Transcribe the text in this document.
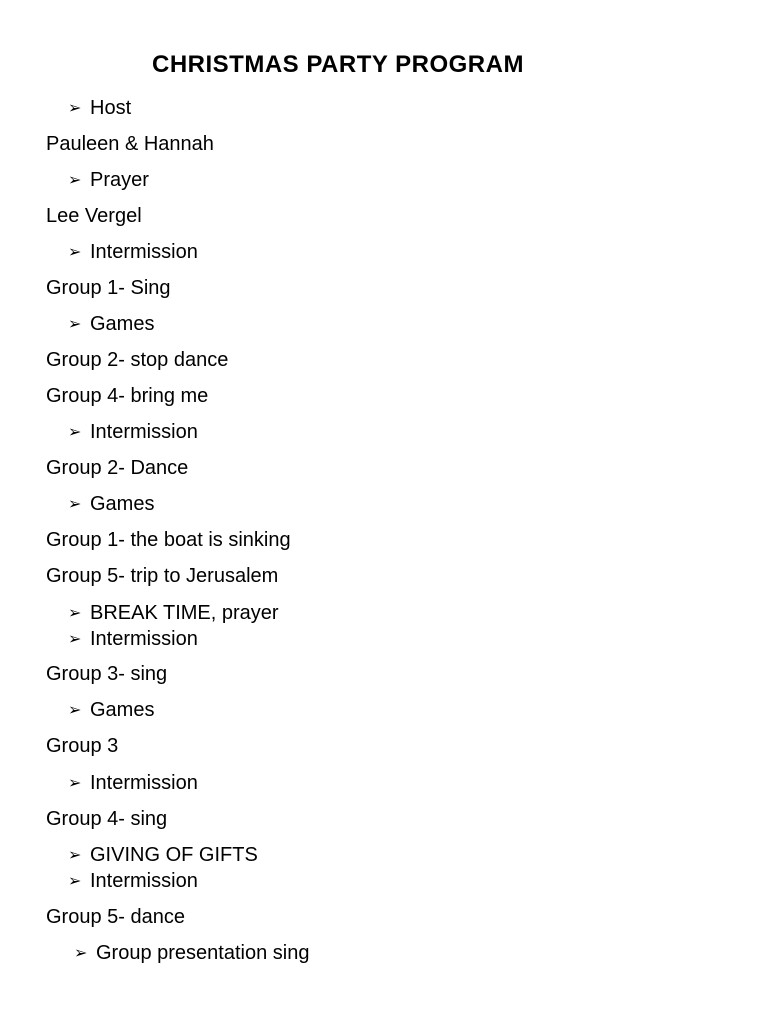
CHRISTMAS PARTY PROGRAM
➢ Host
Pauleen & Hannah
➢ Prayer
Lee Vergel
➢ Intermission
Group 1- Sing
➢ Games
Group 2- stop dance
Group 4- bring me
➢ Intermission
Group 2- Dance
➢ Games
Group 1- the boat is sinking
Group 5- trip to Jerusalem
➢ BREAK TIME, prayer
➢ Intermission
Group 3- sing
➢ Games
Group 3
➢ Intermission
Group 4- sing
➢ GIVING OF GIFTS
➢ Intermission
Group 5- dance
➢ Group presentation sing
